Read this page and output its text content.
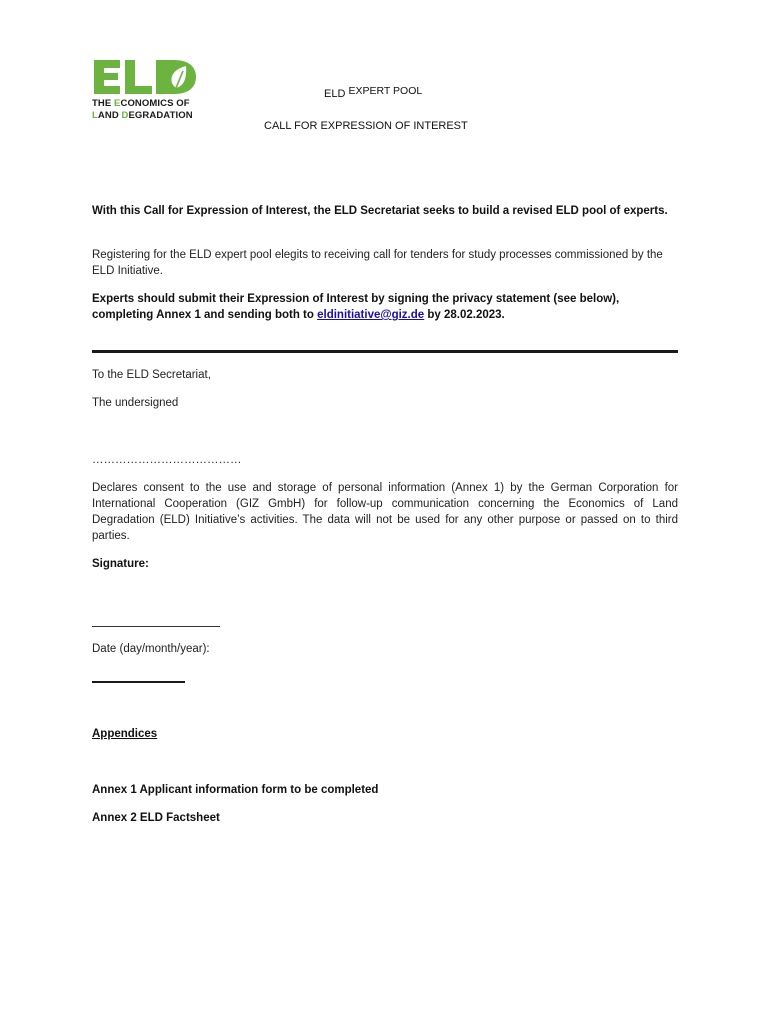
THE ECONOMICS OF
LAND DEGRADATION
ELD EXPERT POOL
CALL FOR EXPRESSION OF INTEREST
With this Call for Expression of Interest, the ELD Secretariat seeks to build a revised ELD pool of experts.
Registering for the ELD expert pool elegits to receiving call for tenders for study processes commissioned by the ELD Initiative.
Experts should submit their Expression of Interest by signing the privacy statement (see below), completing Annex 1 and sending both to eldinitiative@giz.de by 28.02.2023.
To the ELD Secretariat,
The undersigned
…………………………………
Declares consent to the use and storage of personal information (Annex 1) by the German Corporation for International Cooperation (GIZ GmbH) for follow-up communication concerning the Economics of Land Degradation (ELD) Initiative’s activities. The data will not be used for any other purpose or passed on to third parties.
Signature:
Date (day/month/year):
Appendices
Annex 1 Applicant information form to be completed
Annex 2 ELD Factsheet
